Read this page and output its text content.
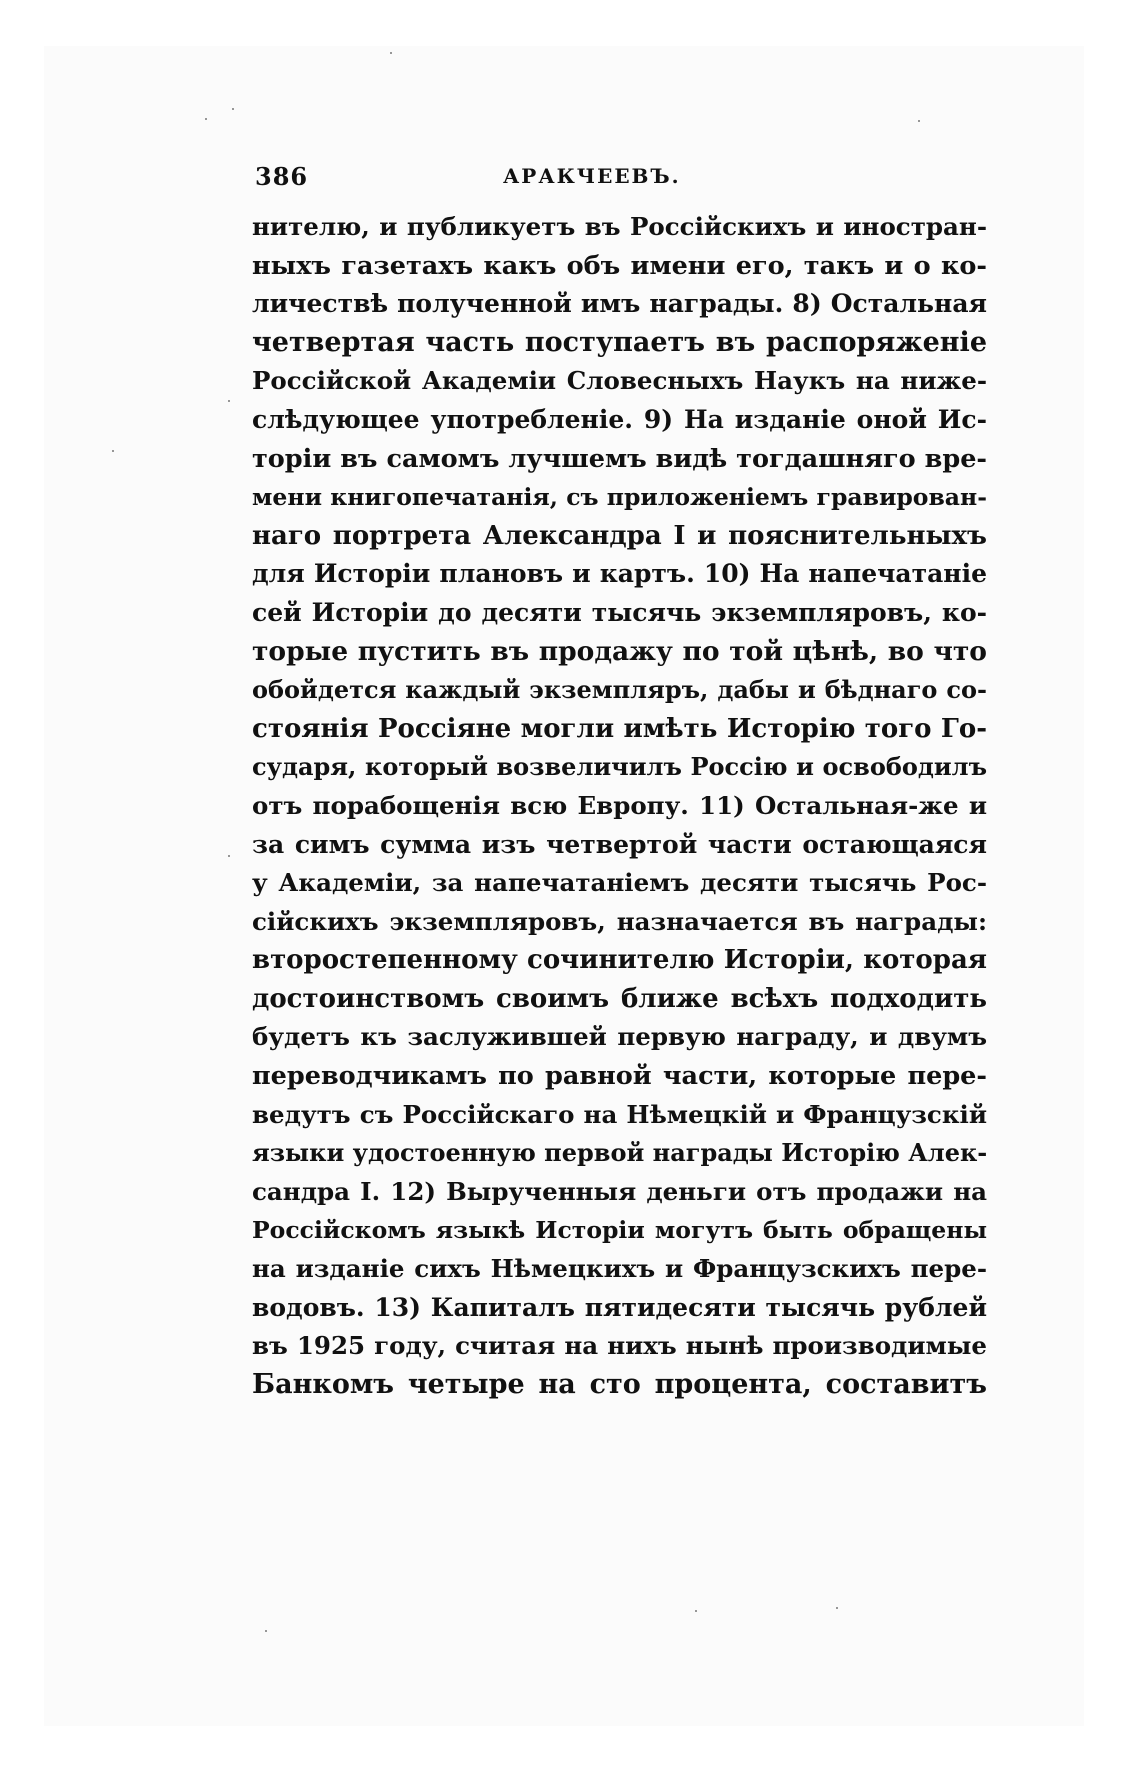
386	АРАКЧЕЕВЪ.
нителю, и публикуетъ въ Россійскихъ и иностран-
ныхъ газетахъ какъ объ имени его, такъ и о ко-
личествѣ полученной имъ награды. 8) Остальная
четвертая часть поступаетъ въ распоряженіе
Россійской Академіи Словесныхъ Наукъ на ниже-
слѣдующее употребленіе. 9) На изданіе оной Ис-
торіи въ самомъ лучшемъ видѣ тогдашняго вре-
мени книгопечатанія, съ приложеніемъ гравирован-
наго портрета Александра I и пояснительныхъ
для Исторіи плановъ и картъ. 10) На напечатаніе
сей Исторіи до десяти тысячь экземпляровъ, ко-
торые пустить въ продажу по той цѣнѣ, во что
обойдется каждый экземпляръ, дабы и бѣднаго со-
стоянія Россіяне могли имѣть Исторію того Го-
сударя, который возвеличилъ Россію и освободилъ
отъ порабощенія всю Европу. 11) Остальная-же и
за симъ сумма изъ четвертой части остающаяся
у Академіи, за напечатаніемъ десяти тысячь Рос-
сійскихъ экземпляровъ, назначается въ награды:
второстепенному сочинителю Исторіи, которая
достоинствомъ своимъ ближе всѣхъ подходить
будетъ къ заслужившей первую награду, и двумъ
переводчикамъ по равной части, которые пере-
ведутъ съ Россійскаго на Нѣмецкій и Французскій
языки удостоенную первой награды Исторію Алек-
сандра I. 12) Вырученныя деньги отъ продажи на
Россійскомъ языкѣ Исторіи могутъ быть обращены
на изданіе сихъ Нѣмецкихъ и Французскихъ пере-
водовъ. 13) Капиталъ пятидесяти тысячь рублей
въ 1925 году, считая на нихъ нынѣ производимые
Банкомъ четыре на сто процента, составитъ
